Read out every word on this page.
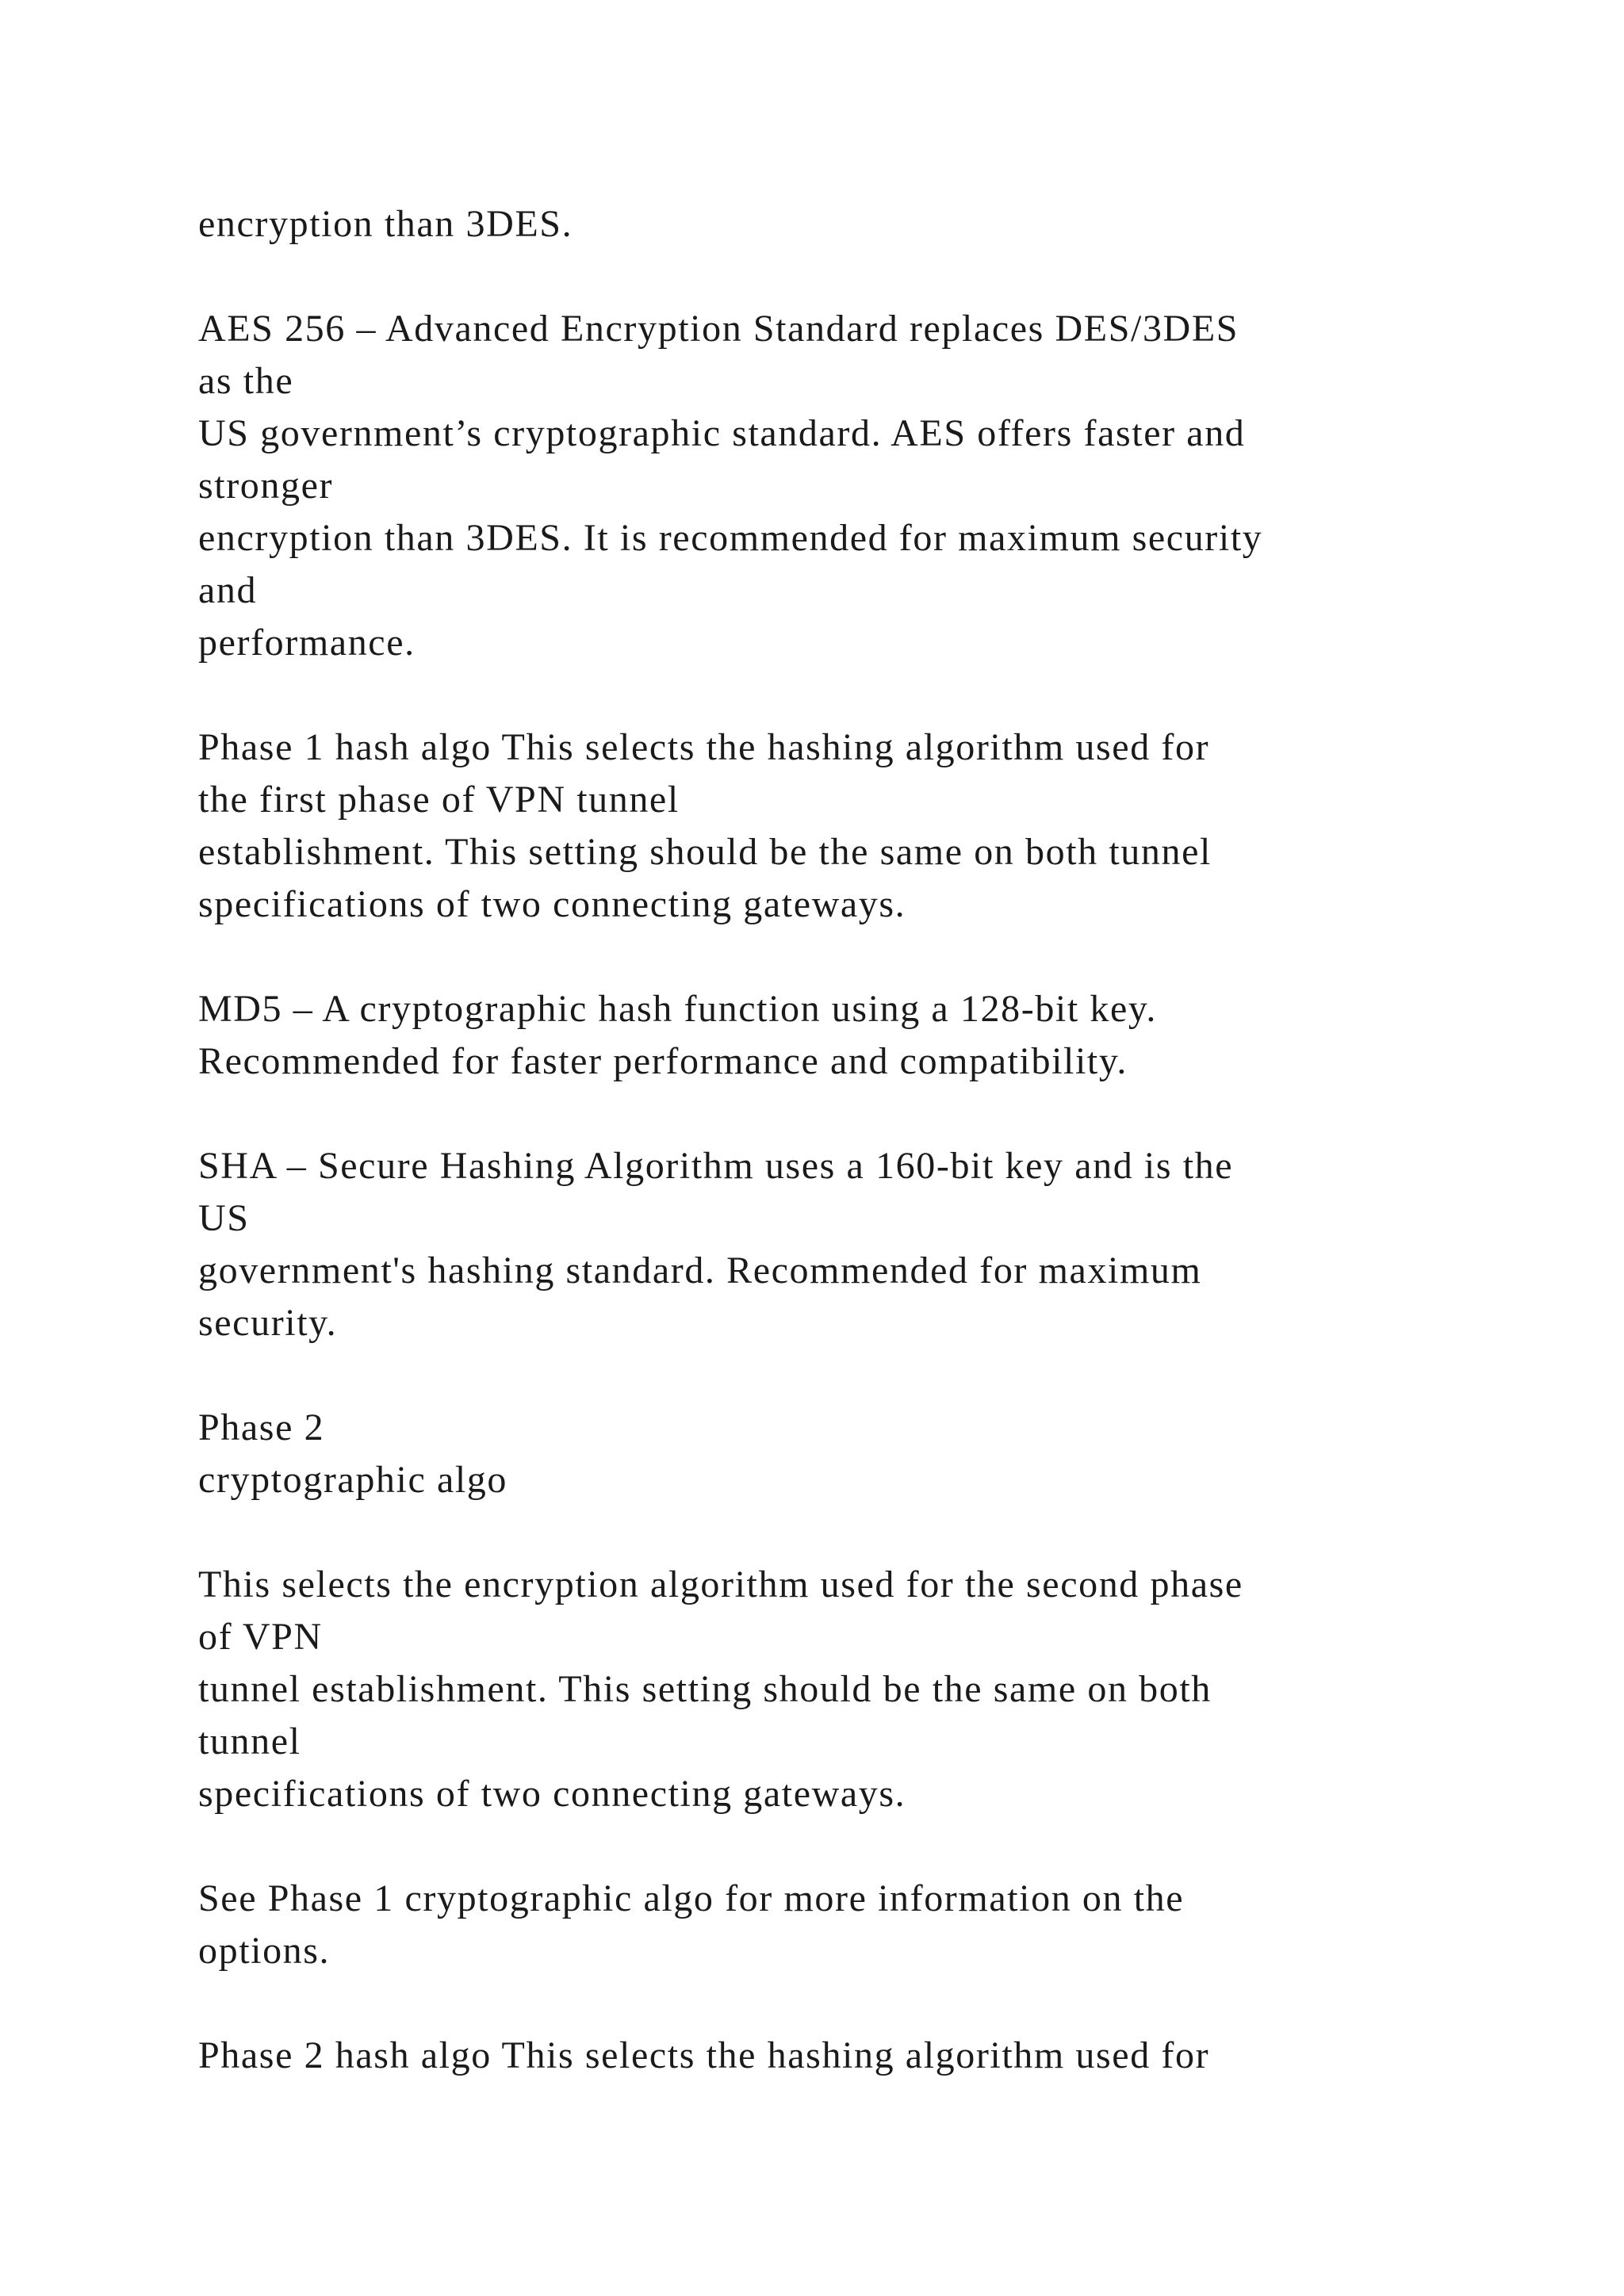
encryption than 3DES.

AES 256 – Advanced Encryption Standard replaces DES/3DES

as the

US government’s cryptographic standard. AES offers faster and

stronger

encryption than 3DES. It is recommended for maximum security

and

performance.

Phase 1 hash algo This selects the hashing algorithm used for

the first phase of VPN tunnel

establishment. This setting should be the same on both tunnel

specifications of two connecting gateways.

MD5 – A cryptographic hash function using a 128-bit key.

Recommended for faster performance and compatibility.

SHA – Secure Hashing Algorithm uses a 160-bit key and is the

US

government's hashing standard. Recommended for maximum

security.

Phase 2

cryptographic algo

This selects the encryption algorithm used for the second phase

of VPN

tunnel establishment. This setting should be the same on both

tunnel

specifications of two connecting gateways.

See Phase 1 cryptographic algo for more information on the

options.

Phase 2 hash algo This selects the hashing algorithm used for
